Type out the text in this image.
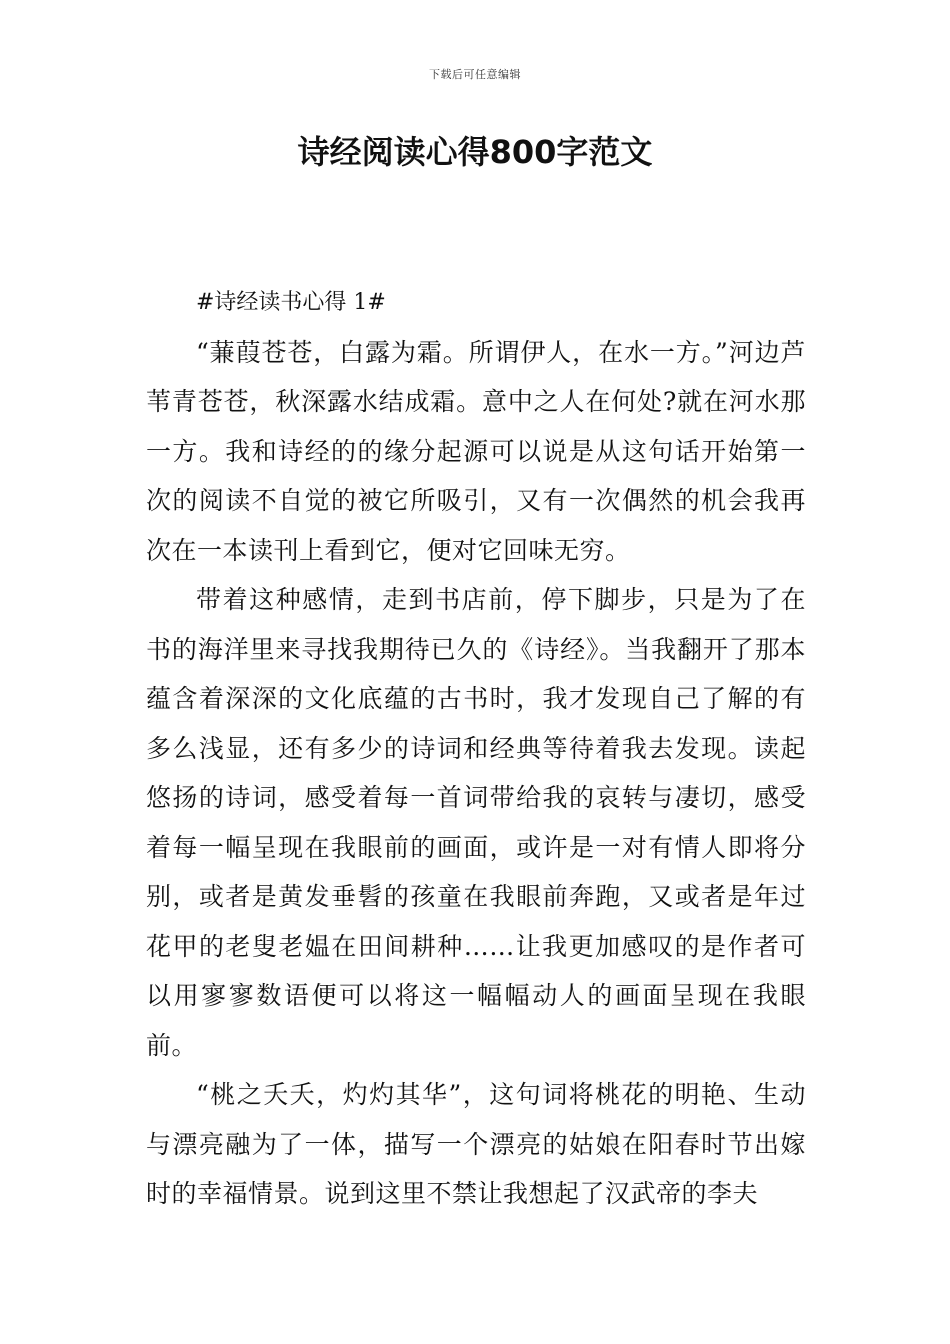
下载后可任意编辑
诗经阅读心得800字范文

#诗经读书心得 1#

“蒹葭苍苍，白露为霜。所谓伊人，在水一方。”河边芦苇青苍苍，秋深露水结成霜。意中之人在何处?就在河水那一方。我和诗经的的缘分起源可以说是从这句话开始第一次的阅读不自觉的被它所吸引，又有一次偶然的机会我再次在一本读刊上看到它，便对它回味无穷。

带着这种感情，走到书店前，停下脚步，只是为了在书的海洋里来寻找我期待已久的《诗经》。当我翻开了那本蕴含着深深的文化底蕴的古书时，我才发现自己了解的有多么浅显，还有多少的诗词和经典等待着我去发现。读起悠扬的诗词，感受着每一首词带给我的哀转与凄切，感受着每一幅呈现在我眼前的画面，或许是一对有情人即将分别，或者是黄发垂髫的孩童在我眼前奔跑，又或者是年过花甲的老叟老媪在田间耕种……让我更加感叹的是作者可以用寥寥数语便可以将这一幅幅动人的画面呈现在我眼前。

“桃之夭夭，灼灼其华”，这句词将桃花的明艳、生动与漂亮融为了一体，描写一个漂亮的姑娘在阳春时节出嫁时的幸福情景。说到这里不禁让我想起了汉武帝的李夫
